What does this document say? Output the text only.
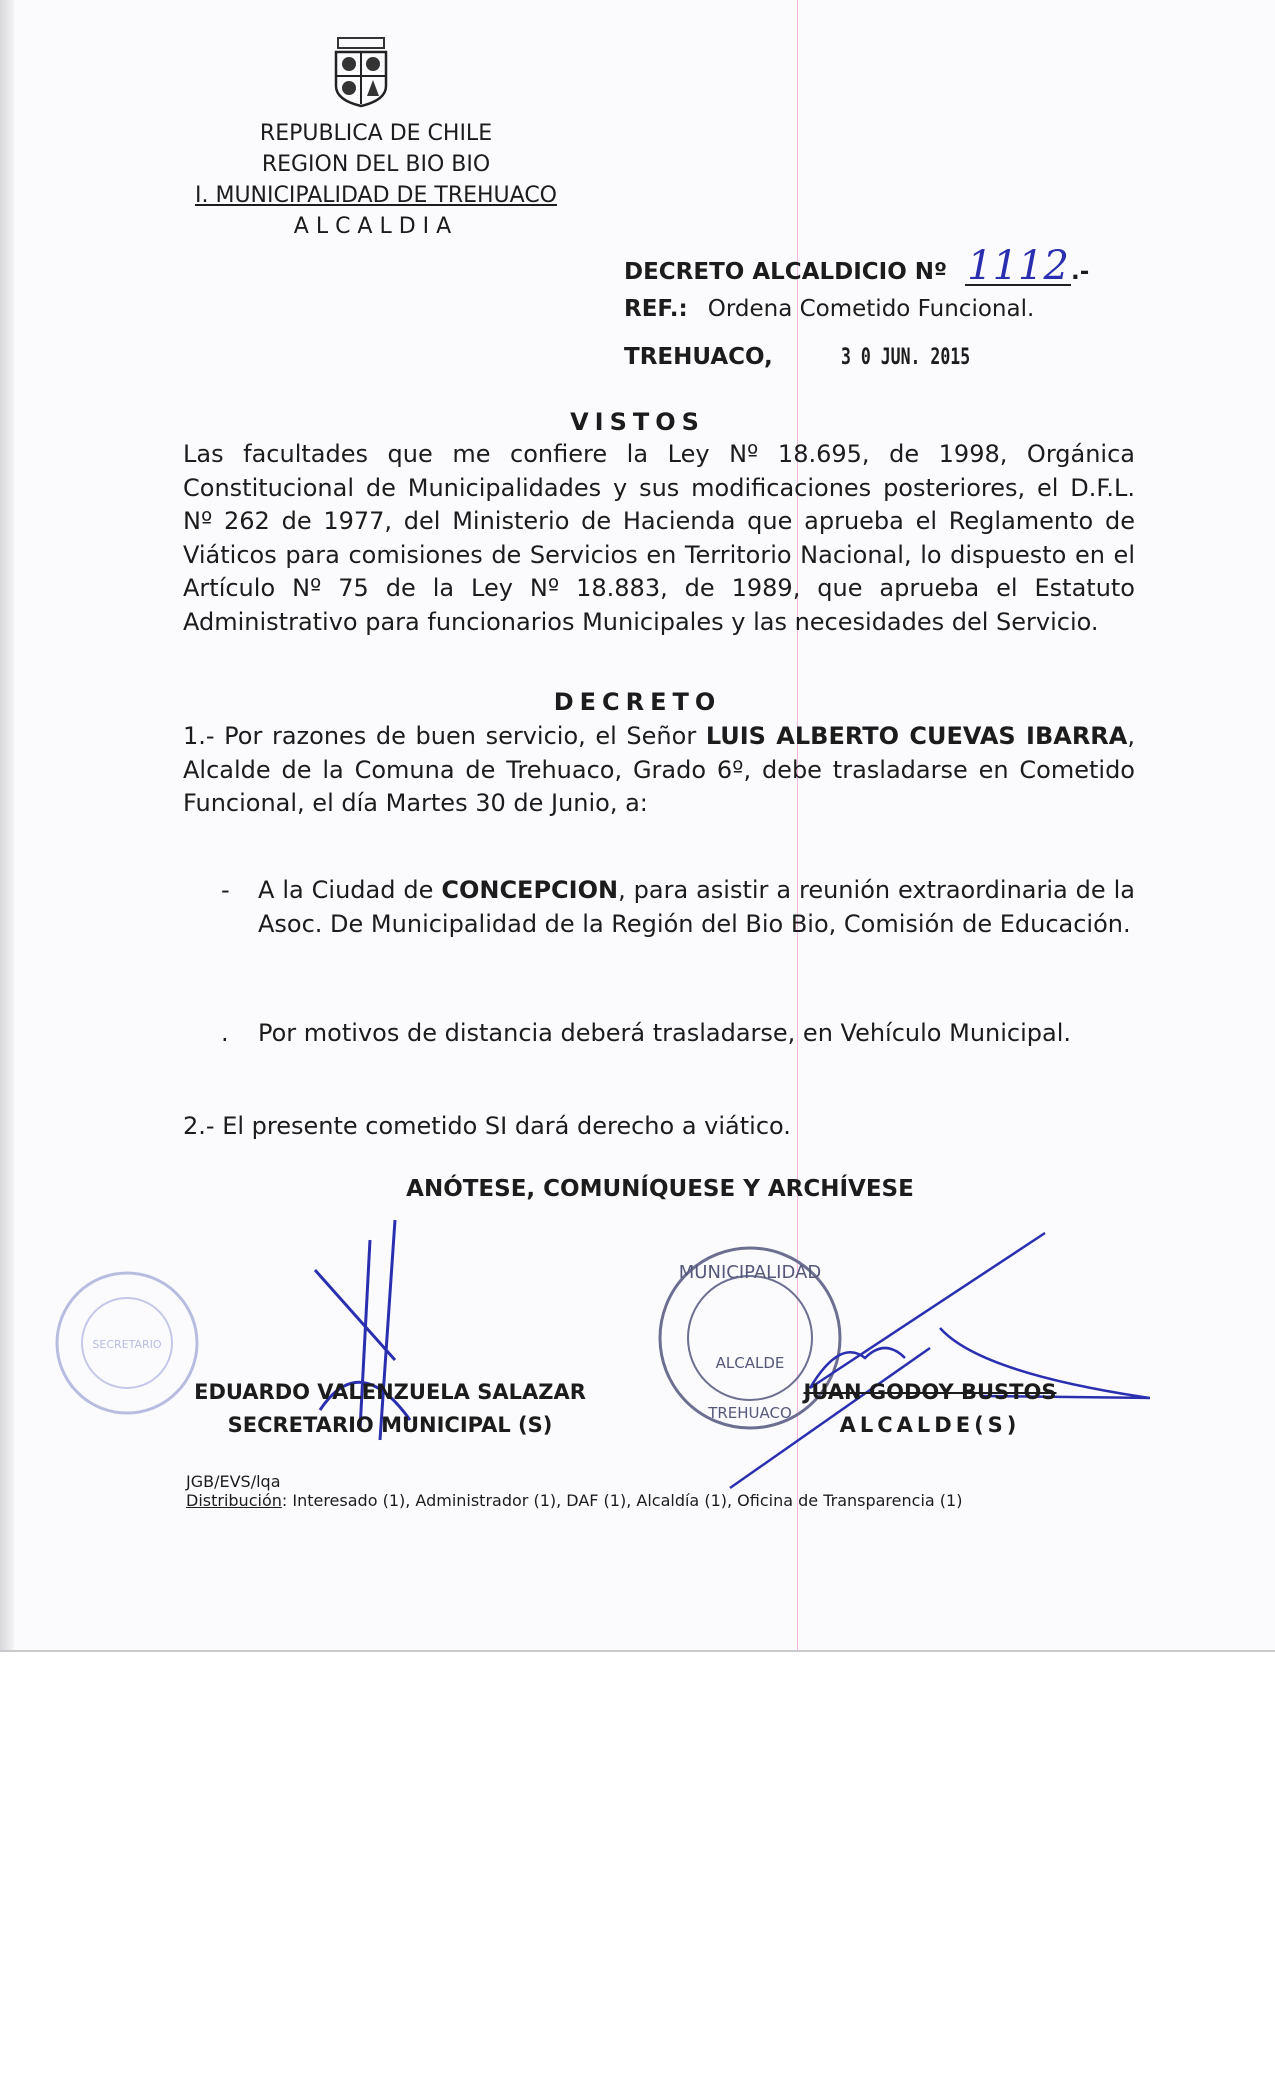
REPUBLICA DE CHILE
REGION DEL BIO BIO
I. MUNICIPALIDAD DE TREHUACO
ALCALDIA
DECRETO ALCALDICIO Nº 1112.-
REF.: Ordena Cometido Funcional.
TREHUACO,	3 0 JUN. 2015
VISTOS
Las facultades que me confiere la Ley Nº 18.695, de 1998, Orgánica Constitucional de Municipalidades y sus modificaciones posteriores, el D.F.L. Nº 262 de 1977, del Ministerio de Hacienda que aprueba el Reglamento de Viáticos para comisiones de Servicios en Territorio Nacional, lo dispuesto en el Artículo Nº 75 de la Ley Nº 18.883, de 1989, que aprueba el Estatuto Administrativo para funcionarios Municipales y las necesidades del Servicio.
DECRETO
1.- Por razones de buen servicio, el Señor LUIS ALBERTO CUEVAS IBARRA, Alcalde de la Comuna de Trehuaco, Grado 6º, debe trasladarse en Cometido Funcional, el día Martes 30 de Junio, a:
- A la Ciudad de CONCEPCION, para asistir a reunión extraordinaria de la Asoc. De Municipalidad de la Región del Bio Bio, Comisión de Educación.
. Por motivos de distancia deberá trasladarse, en Vehículo Municipal.
2.- El presente cometido SI dará derecho a viático.
ANÓTESE, COMUNÍQUESE Y ARCHÍVESE
SECRETARIO
MUNICIPALIDAD
ALCALDE
TREHUACO
EDUARDO VALENZUELA SALAZAR
SECRETARIO MUNICIPAL (S)
JUAN GODOY BUSTOS
ALCALDE(S)
JGB/EVS/lqa
Distribución: Interesado (1), Administrador (1), DAF (1), Alcaldía (1), Oficina de Transparencia (1)
